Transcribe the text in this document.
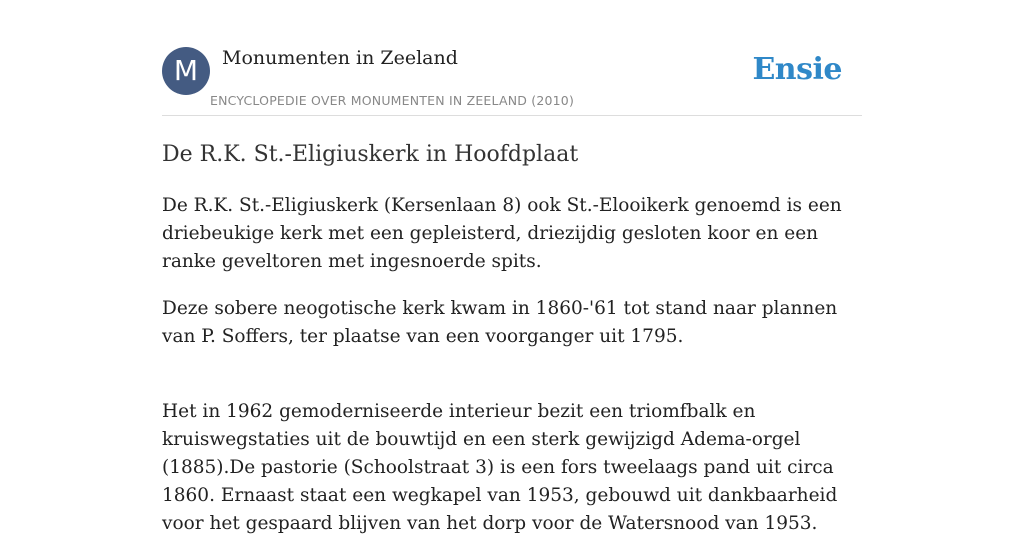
M	Monumenten in Zeeland
ENCYCLOPEDIE OVER MONUMENTEN IN ZEELAND (2010)
Ensie
De R.K. St.-Eligiuskerk in Hoofdplaat

De R.K. St.-Eligiuskerk (Kersenlaan 8) ook St.-Elooikerk genoemd is een driebeukige kerk met een gepleisterd, driezijdig gesloten koor en een ranke geveltoren met ingesnoerde spits.

Deze sobere neogotische kerk kwam in 1860-'61 tot stand naar plannen van P. Soffers, ter plaatse van een voorganger uit 1795.

Het in 1962 gemoderniseerde interieur bezit een triomfbalk en kruiswegstaties uit de bouwtijd en een sterk gewijzigd Adema-orgel (1885).De pastorie (Schoolstraat 3) is een fors tweelaags pand uit circa 1860. Ernaast staat een wegkapel van 1953, gebouwd uit dankbaarheid voor het gespaard blijven van het dorp voor de Watersnood van 1953.
